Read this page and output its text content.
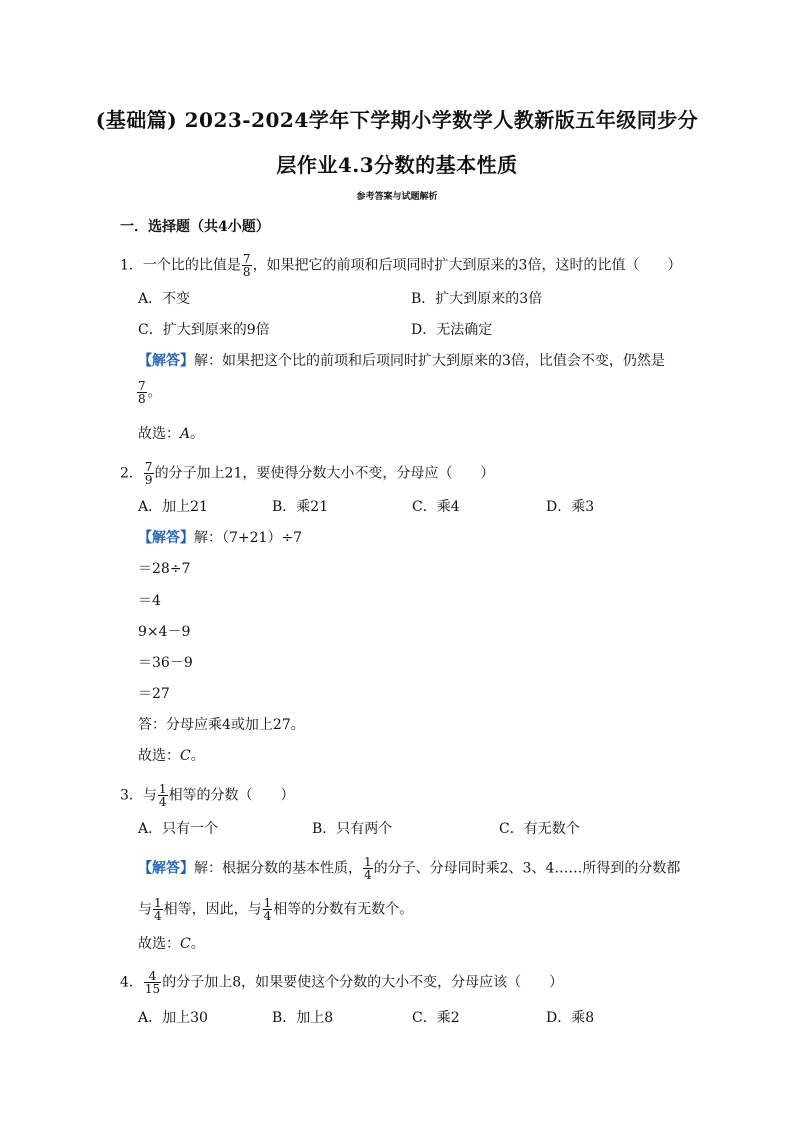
(基础篇) 2023-2024学年下学期小学数学人教新版五年级同步分
层作业4.3分数的基本性质
参考答案与试题解析
一．选择题（共4小题）
1．一个比的比值是 $\frac{7}{8}$ ，如果把它的前项和后项同时扩大到原来的3倍，这时的比值（　　）
A．不变	B．扩大到原来的3倍
C．扩大到原来的9倍	D．无法确定
【解答】解：如果把这个比的前项和后项同时扩大到原来的3倍，比值会不变，仍然是
$\frac{7}{8}$ 。
故选：A。
2． $\frac{7}{9}$ 的分子加上21，要使得分数大小不变，分母应（　　）
A．加上21	B．乘21	C．乘4	D．乘3
【解答】解：（7+21）÷7
＝28÷7
＝4
9×4－9
＝36－9
＝27
答：分母应乘4或加上27。
故选：C。
3．与 $\frac{1}{4}$ 相等的分数（　　）
A．只有一个	B．只有两个	C．有无数个
【解答】解：根据分数的基本性质， $\frac{1}{4}$ 的分子、分母同时乘2、3、4……所得到的分数都
与 $\frac{1}{4}$ 相等，因此，与 $\frac{1}{4}$ 相等的分数有无数个。
故选：C。
4． $\frac{4}{15}$ 的分子加上8，如果要使这个分数的大小不变，分母应该（　　）
A．加上30	B．加上8	C．乘2	D．乘8
